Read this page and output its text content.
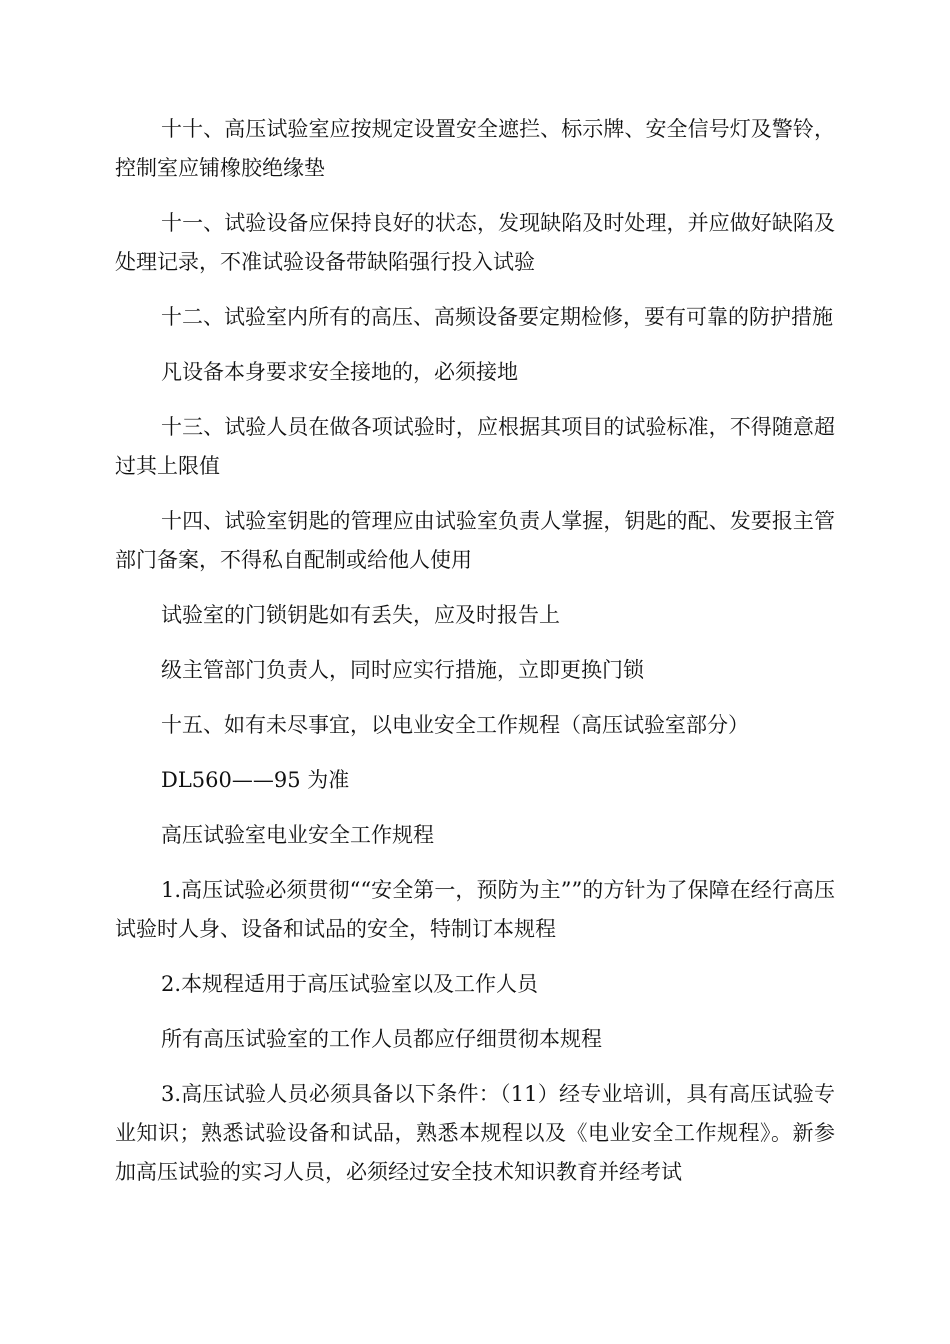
十十、高压试验室应按规定设置安全遮拦、标示牌、安全信号灯及警铃，控制室应铺橡胶绝缘垫

十一、试验设备应保持良好的状态，发现缺陷及时处理，并应做好缺陷及处理记录，不准试验设备带缺陷强行投入试验

十二、试验室内所有的高压、高频设备要定期检修，要有可靠的防护措施

凡设备本身要求安全接地的，必须接地

十三、试验人员在做各项试验时，应根据其项目的试验标准，不得随意超过其上限值

十四、试验室钥匙的管理应由试验室负责人掌握，钥匙的配、发要报主管部门备案，不得私自配制或给他人使用

试验室的门锁钥匙如有丢失，应及时报告上

级主管部门负责人，同时应实行措施，立即更换门锁

十五、如有未尽事宜，以电业安全工作规程（高压试验室部分）

DL560——95 为准

高压试验室电业安全工作规程

1.高压试验必须贯彻““安全第一，预防为主””的方针为了保障在经行高压试验时人身、设备和试品的安全，特制订本规程

2.本规程适用于高压试验室以及工作人员

所有高压试验室的工作人员都应仔细贯彻本规程

3.高压试验人员必须具备以下条件：（11）经专业培训，具有高压试验专业知识；熟悉试验设备和试品，熟悉本规程以及《电业安全工作规程》。新参加高压试验的实习人员，必须经过安全技术知识教育并经考试
